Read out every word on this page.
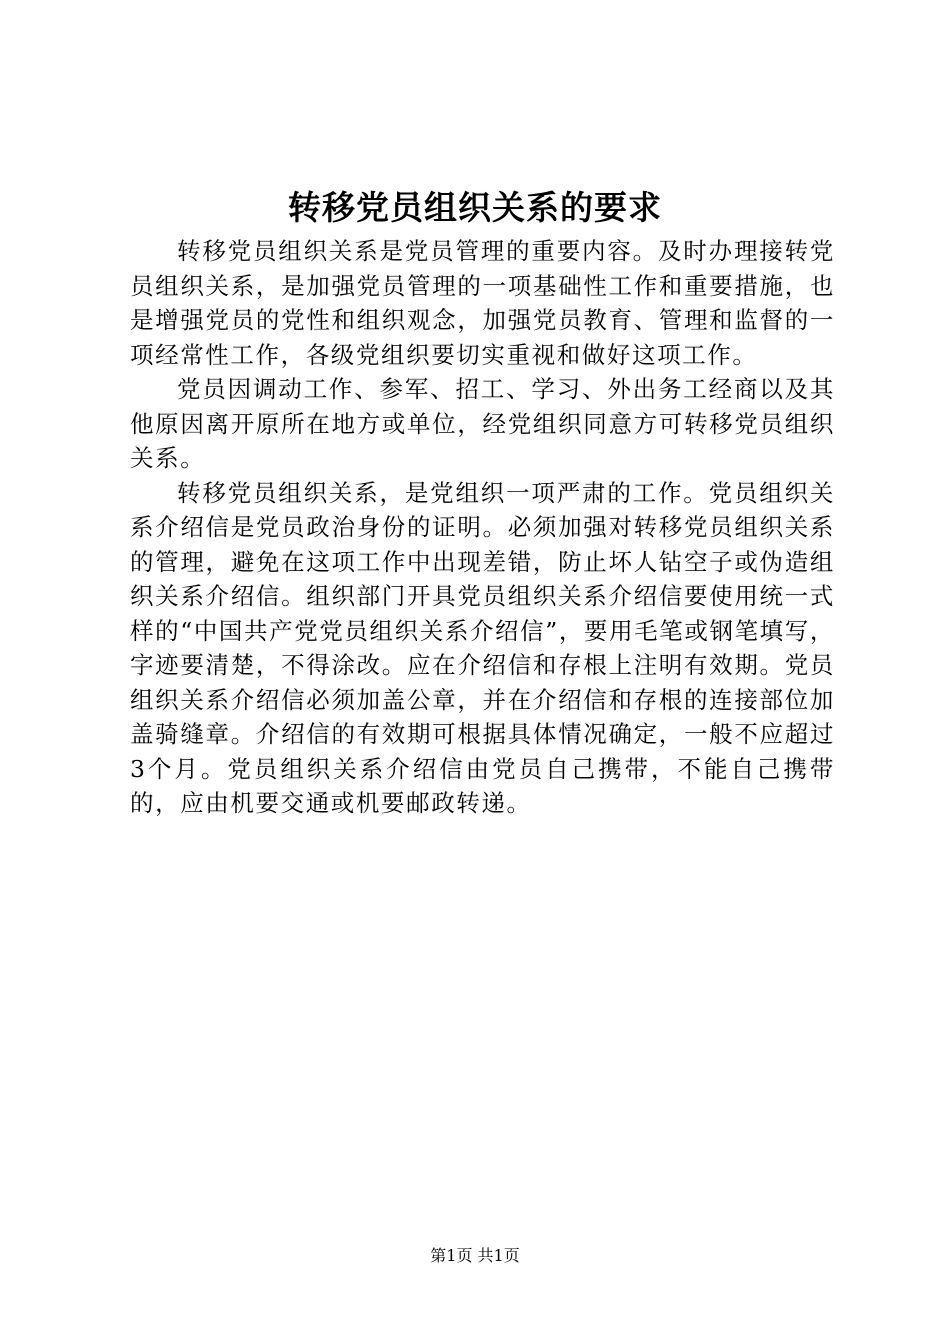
转移党员组织关系的要求

转移党员组织关系是党员管理的重要内容。及时办理接转党员组织关系，是加强党员管理的一项基础性工作和重要措施，也是增强党员的党性和组织观念，加强党员教育、管理和监督的一项经常性工作，各级党组织要切实重视和做好这项工作。

党员因调动工作、参军、招工、学习、外出务工经商以及其他原因离开原所在地方或单位，经党组织同意方可转移党员组织关系。

转移党员组织关系，是党组织一项严肃的工作。党员组织关系介绍信是党员政治身份的证明。必须加强对转移党员组织关系的管理，避免在这项工作中出现差错，防止坏人钻空子或伪造组织关系介绍信。组织部门开具党员组织关系介绍信要使用统一式样的“中国共产党党员组织关系介绍信”，要用毛笔或钢笔填写，字迹要清楚，不得涂改。应在介绍信和存根上注明有效期。党员组织关系介绍信必须加盖公章，并在介绍信和存根的连接部位加盖骑缝章。介绍信的有效期可根据具体情况确定，一般不应超过3个月。党员组织关系介绍信由党员自己携带，不能自己携带的，应由机要交通或机要邮政转递。

第1页 共1页
